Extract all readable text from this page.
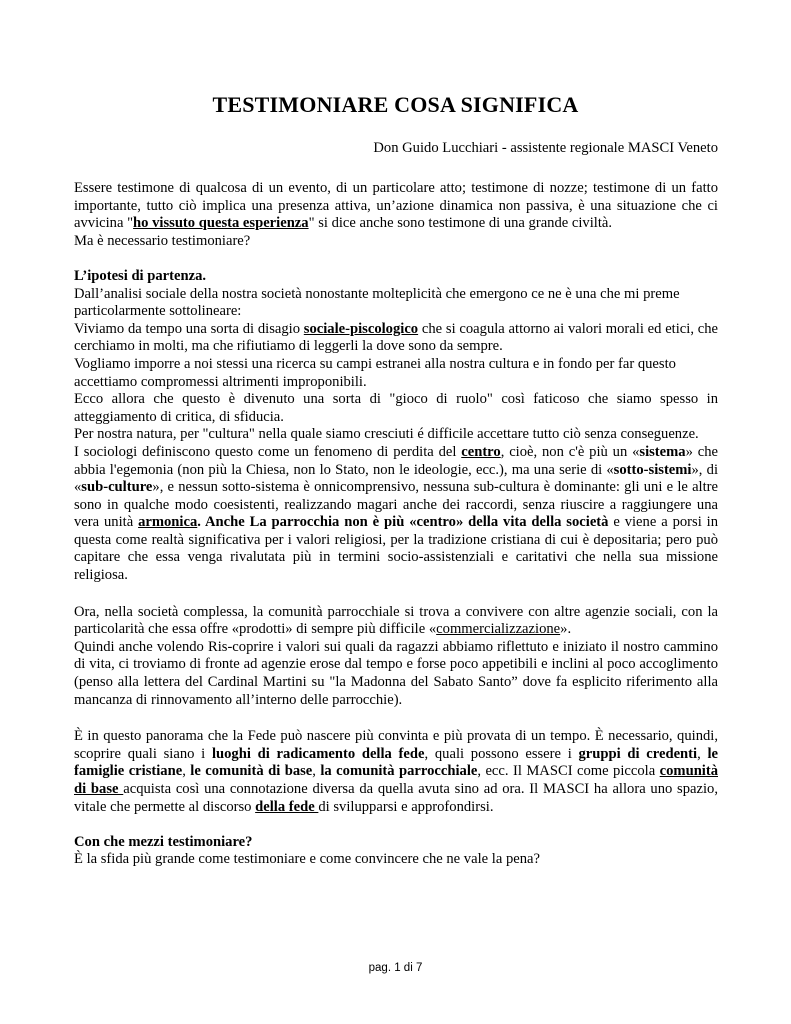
TESTIMONIARE COSA SIGNIFICA

Don Guido Lucchiari - assistente regionale MASCI Veneto

Essere testimone di qualcosa di un evento, di un particolare atto; testimone di nozze; testimone di un fatto importante, tutto ciò implica una presenza attiva, un’azione dinamica non passiva, è una situazione che ci avvicina "ho vissuto questa esperienza" si dice anche sono testimone di una grande civiltà.

Ma è necessario testimoniare?

L’ipotesi di partenza.

Dall’analisi sociale della nostra società nonostante molteplicità che emergono ce ne è una che mi preme particolarmente sottolineare:

Viviamo da tempo una sorta di disagio sociale-piscologico che si coagula attorno ai valori morali ed etici, che cerchiamo in molti, ma che rifiutiamo di leggerli la dove sono da sempre.

Vogliamo imporre a noi stessi una ricerca su campi estranei alla nostra cultura e in fondo per far questo accettiamo compromessi altrimenti improponibili.

Ecco allora che questo è divenuto una sorta di "gioco di ruolo" così faticoso che siamo spesso in atteggiamento di critica, di sfiducia.

Per nostra natura, per "cultura" nella quale siamo cresciuti é difficile accettare tutto ciò senza conseguenze.

I sociologi definiscono questo come un fenomeno di perdita del centro, cioè, non c'è più un «sistema» che abbia l'egemonia (non più la Chiesa, non lo Stato, non le ideologie, ecc.), ma una serie di «sotto-sistemi», di «sub-culture», e nessun sotto-sistema è onnicomprensivo, nessuna sub-cultura è dominante: gli uni e le altre sono in qualche modo coesistenti, realizzando magari anche dei raccordi, senza riuscire a raggiungere una vera unità armonica. Anche La parrocchia non è più «centro» della vita della società e viene a porsi in questa come realtà significativa per i valori religiosi, per la tradizione cristiana di cui è depositaria; pero può capitare che essa venga rivalutata più in termini socio-assistenziali e caritativi che nella sua missione religiosa.

Ora, nella società complessa, la comunità parrocchiale si trova a convivere con altre agenzie sociali, con la particolarità che essa offre «prodotti» di sempre più difficile «commercializzazione».

Quindi anche volendo Ris-coprire i valori sui quali da ragazzi abbiamo riflettuto e iniziato il nostro cammino di vita, ci troviamo di fronte ad agenzie erose dal tempo e forse poco appetibili e inclini al poco accoglimento (penso alla lettera del Cardinal Martini su "la Madonna del Sabato Santo” dove fa esplicito riferimento alla mancanza di rinnovamento all’interno delle parrocchie).

È in questo panorama che la Fede può nascere più convinta e più provata di un tempo. È necessario, quindi, scoprire quali siano i luoghi di radicamento della fede, quali possono essere i gruppi di credenti, le famiglie cristiane, le comunità di base, la comunità parrocchiale, ecc. Il MASCI come piccola comunità di base acquista così una connotazione diversa da quella avuta sino ad ora. Il MASCI ha allora uno spazio, vitale che permette al discorso della fede di svilupparsi e approfondirsi.

Con che mezzi testimoniare?

È la sfida più grande come testimoniare e come convincere che ne vale la pena?

pag. 1 di 7
